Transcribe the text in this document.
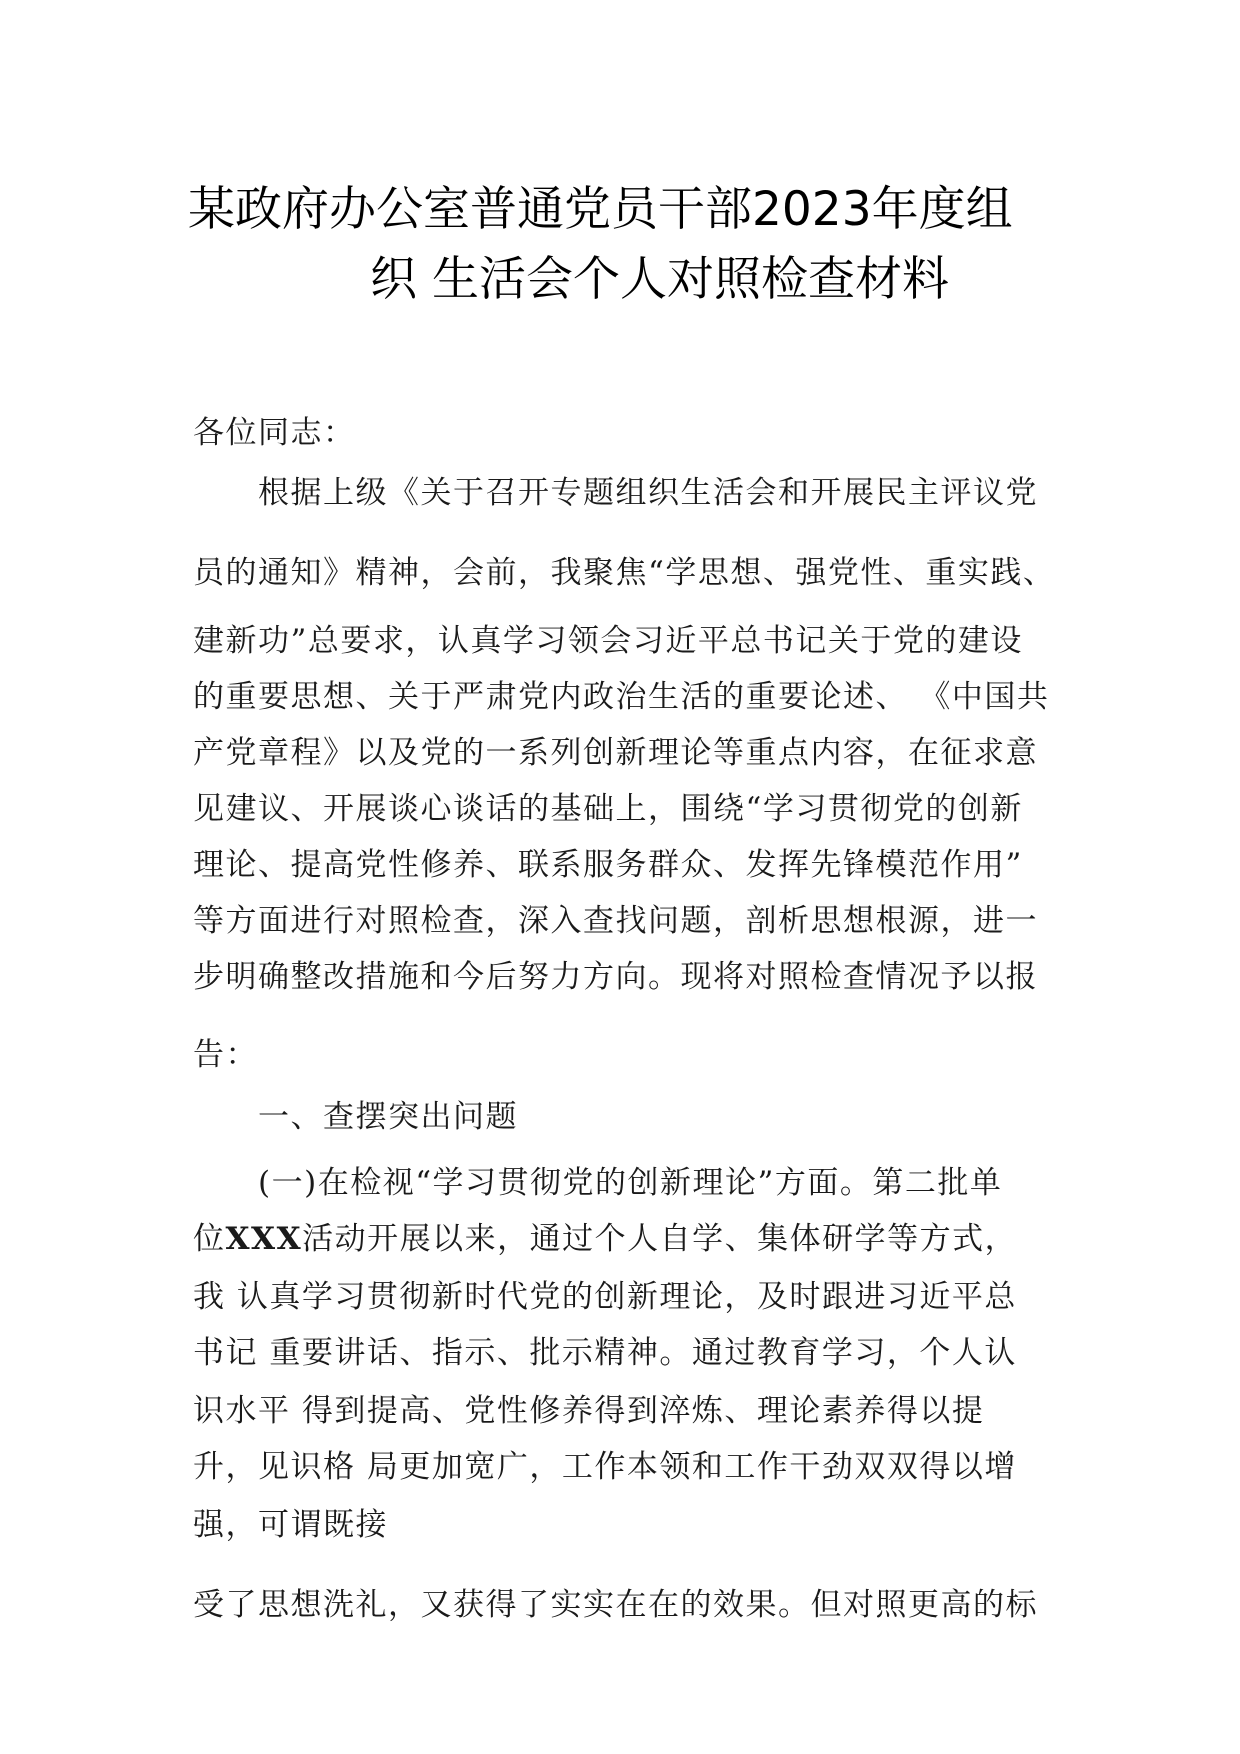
某政府办公室普通党员干部2023年度组
织 生活会个人对照检查材料
各位同志：
根据上级《关于召开专题组织生活会和开展民主评议党
员的通知》精神，会前，我聚焦“学思想、强党性、重实践、
建新功”总要求，认真学习领会习近平总书记关于党的建设
的重要思想、关于严肃党内政治生活的重要论述、 《中国共
产党章程》以及党的一系列创新理论等重点内容，在征求意
见建议、开展谈心谈话的基础上，围绕“学习贯彻党的创新
理论、提高党性修养、联系服务群众、发挥先锋模范作用”
等方面进行对照检查，深入查找问题，剖析思想根源，进一
步明确整改措施和今后努力方向。现将对照检查情况予以报
告：
一、查摆突出问题
(一)在检视“学习贯彻党的创新理论”方面。第二批单
位XXX活动开展以来，通过个人自学、集体研学等方式，
我 认真学习贯彻新时代党的创新理论，及时跟进习近平总
书记 重要讲话、指示、批示精神。通过教育学习，个人认
识水平 得到提高、党性修养得到淬炼、理论素养得以提
升，见识格 局更加宽广，工作本领和工作干劲双双得以增
强，可谓既接
受了思想洗礼，又获得了实实在在的效果。但对照更高的标
